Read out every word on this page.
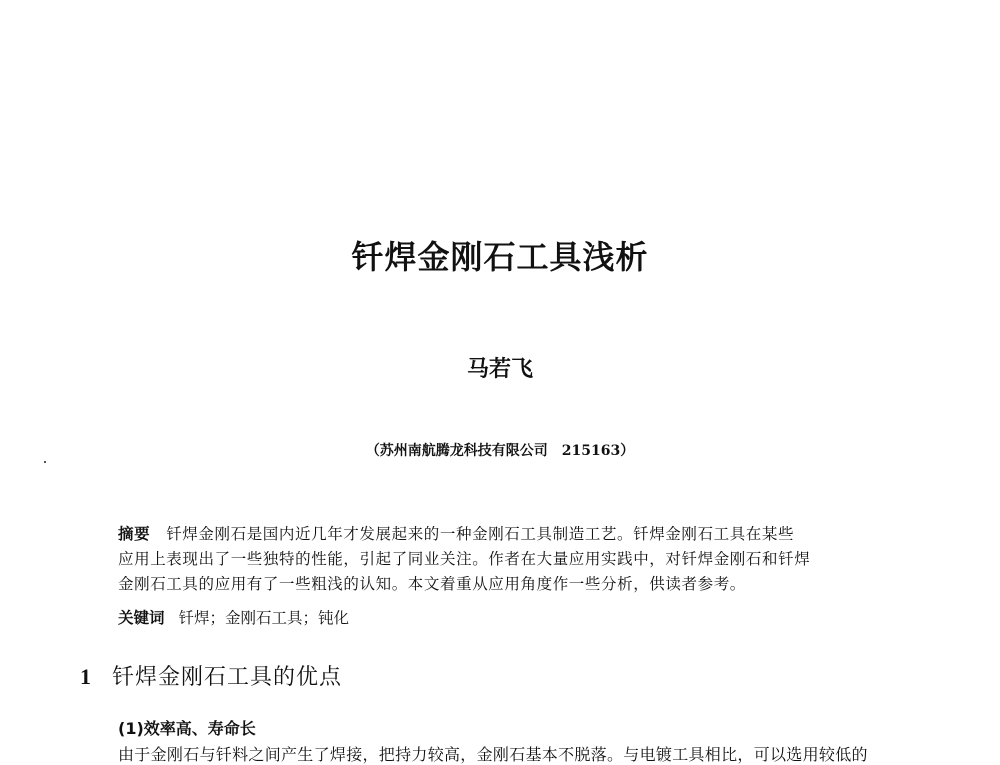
钎焊金刚石工具浅析
马若飞
（苏州南航腾龙科技有限公司　215163）
摘要 钎焊金刚石是国内近几年才发展起来的一种金刚石工具制造工艺。钎焊金刚石工具在某些
应用上表现出了一些独特的性能，引起了同业关注。作者在大量应用实践中，对钎焊金刚石和钎焊
金刚石工具的应用有了一些粗浅的认知。本文着重从应用角度作一些分析，供读者参考。
关键词 钎焊；金刚石工具；钝化
1 钎焊金刚石工具的优点
(1)效率高、寿命长
由于金刚石与钎料之间产生了焊接，把持力较高，金刚石基本不脱落。与电镀工具相比，可以选用较低的
